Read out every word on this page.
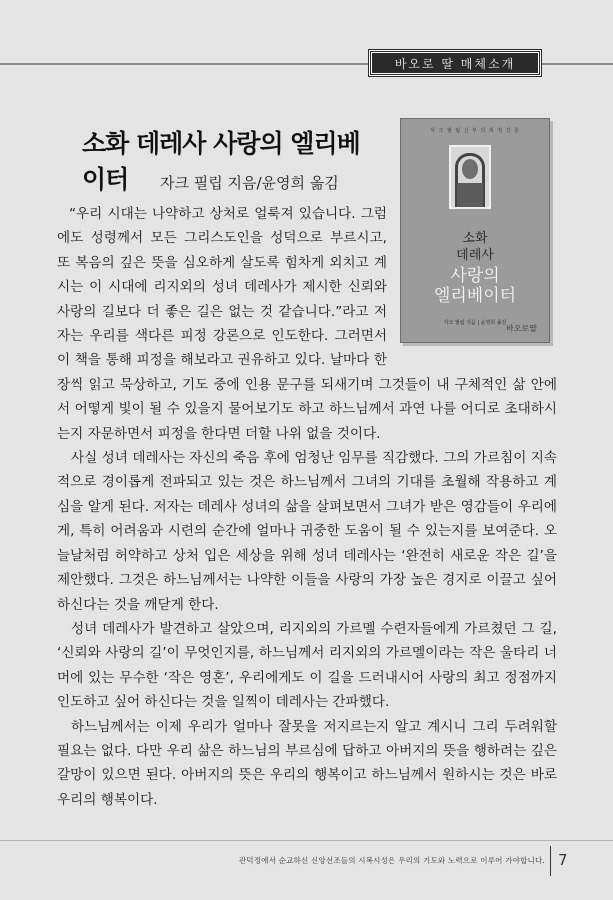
바오로 딸 매체소개
소화 데레사 사랑의 엘리베이터	자크 필립 지음/윤영희 옮김
자 크 필 립 신 부 의 피 정 강 론
소화
데레사
사랑의
엘리베이터
자크 필립 지음 | 윤영희 옮김
바오로딸

“우리 시대는 나약하고 상처로 얼룩져 있습니다. 그럼에도 성령께서 모든 그리스도인을 성덕으로 부르시고, 또 복음의 깊은 뜻을 심오하게 살도록 힘차게 외치고 계시는 이 시대에 리지외의 성녀 데레사가 제시한 신뢰와 사랑의 길보다 더 좋은 길은 없는 것 같습니다.”라고 저자는 우리를 색다른 피정 강론으로 인도한다. 그러면서 이 책을 통해 피정을 해보라고 권유하고 있다. 날마다 한 장씩 읽고 묵상하고, 기도 중에 인용 문구를 되새기며 그것들이 내 구체적인 삶 안에서 어떻게 빛이 될 수 있을지 물어보기도 하고 하느님께서 과연 나를 어디로 초대하시는지 자문하면서 피정을 한다면 더할 나위 없을 것이다.

사실 성녀 데레사는 자신의 죽음 후에 엄청난 임무를 직감했다. 그의 가르침이 지속적으로 경이롭게 전파되고 있는 것은 하느님께서 그녀의 기대를 초월해 작용하고 계심을 알게 된다. 저자는 데레사 성녀의 삶을 살펴보면서 그녀가 받은 영감들이 우리에게, 특히 어려움과 시련의 순간에 얼마나 귀중한 도움이 될 수 있는지를 보여준다. 오늘날처럼 허약하고 상처 입은 세상을 위해 성녀 데레사는 ‘완전히 새로운 작은 길’을 제안했다. 그것은 하느님께서는 나약한 이들을 사랑의 가장 높은 경지로 이끌고 싶어 하신다는 것을 깨닫게 한다.

성녀 데레사가 발견하고 살았으며, 리지외의 가르멜 수련자들에게 가르쳤던 그 길, ‘신뢰와 사랑의 길’이 무엇인지를, 하느님께서 리지외의 가르멜이라는 작은 울타리 너머에 있는 무수한 ‘작은 영혼’, 우리에게도 이 길을 드러내시어 사랑의 최고 정점까지 인도하고 싶어 하신다는 것을 일찍이 데레사는 간파했다.

하느님께서는 이제 우리가 얼마나 잘못을 저지르는지 알고 계시니 그리 두려워할 필요는 없다. 다만 우리 삶은 하느님의 부르심에 답하고 아버지의 뜻을 행하려는 깊은 갈망이 있으면 된다. 아버지의 뜻은 우리의 행복이고 하느님께서 원하시는 것은 바로 우리의 행복이다.

관덕정에서 순교하신 신앙선조들의 시복시성은 우리의 기도와 노력으로 이루어 가야합니다. 7
